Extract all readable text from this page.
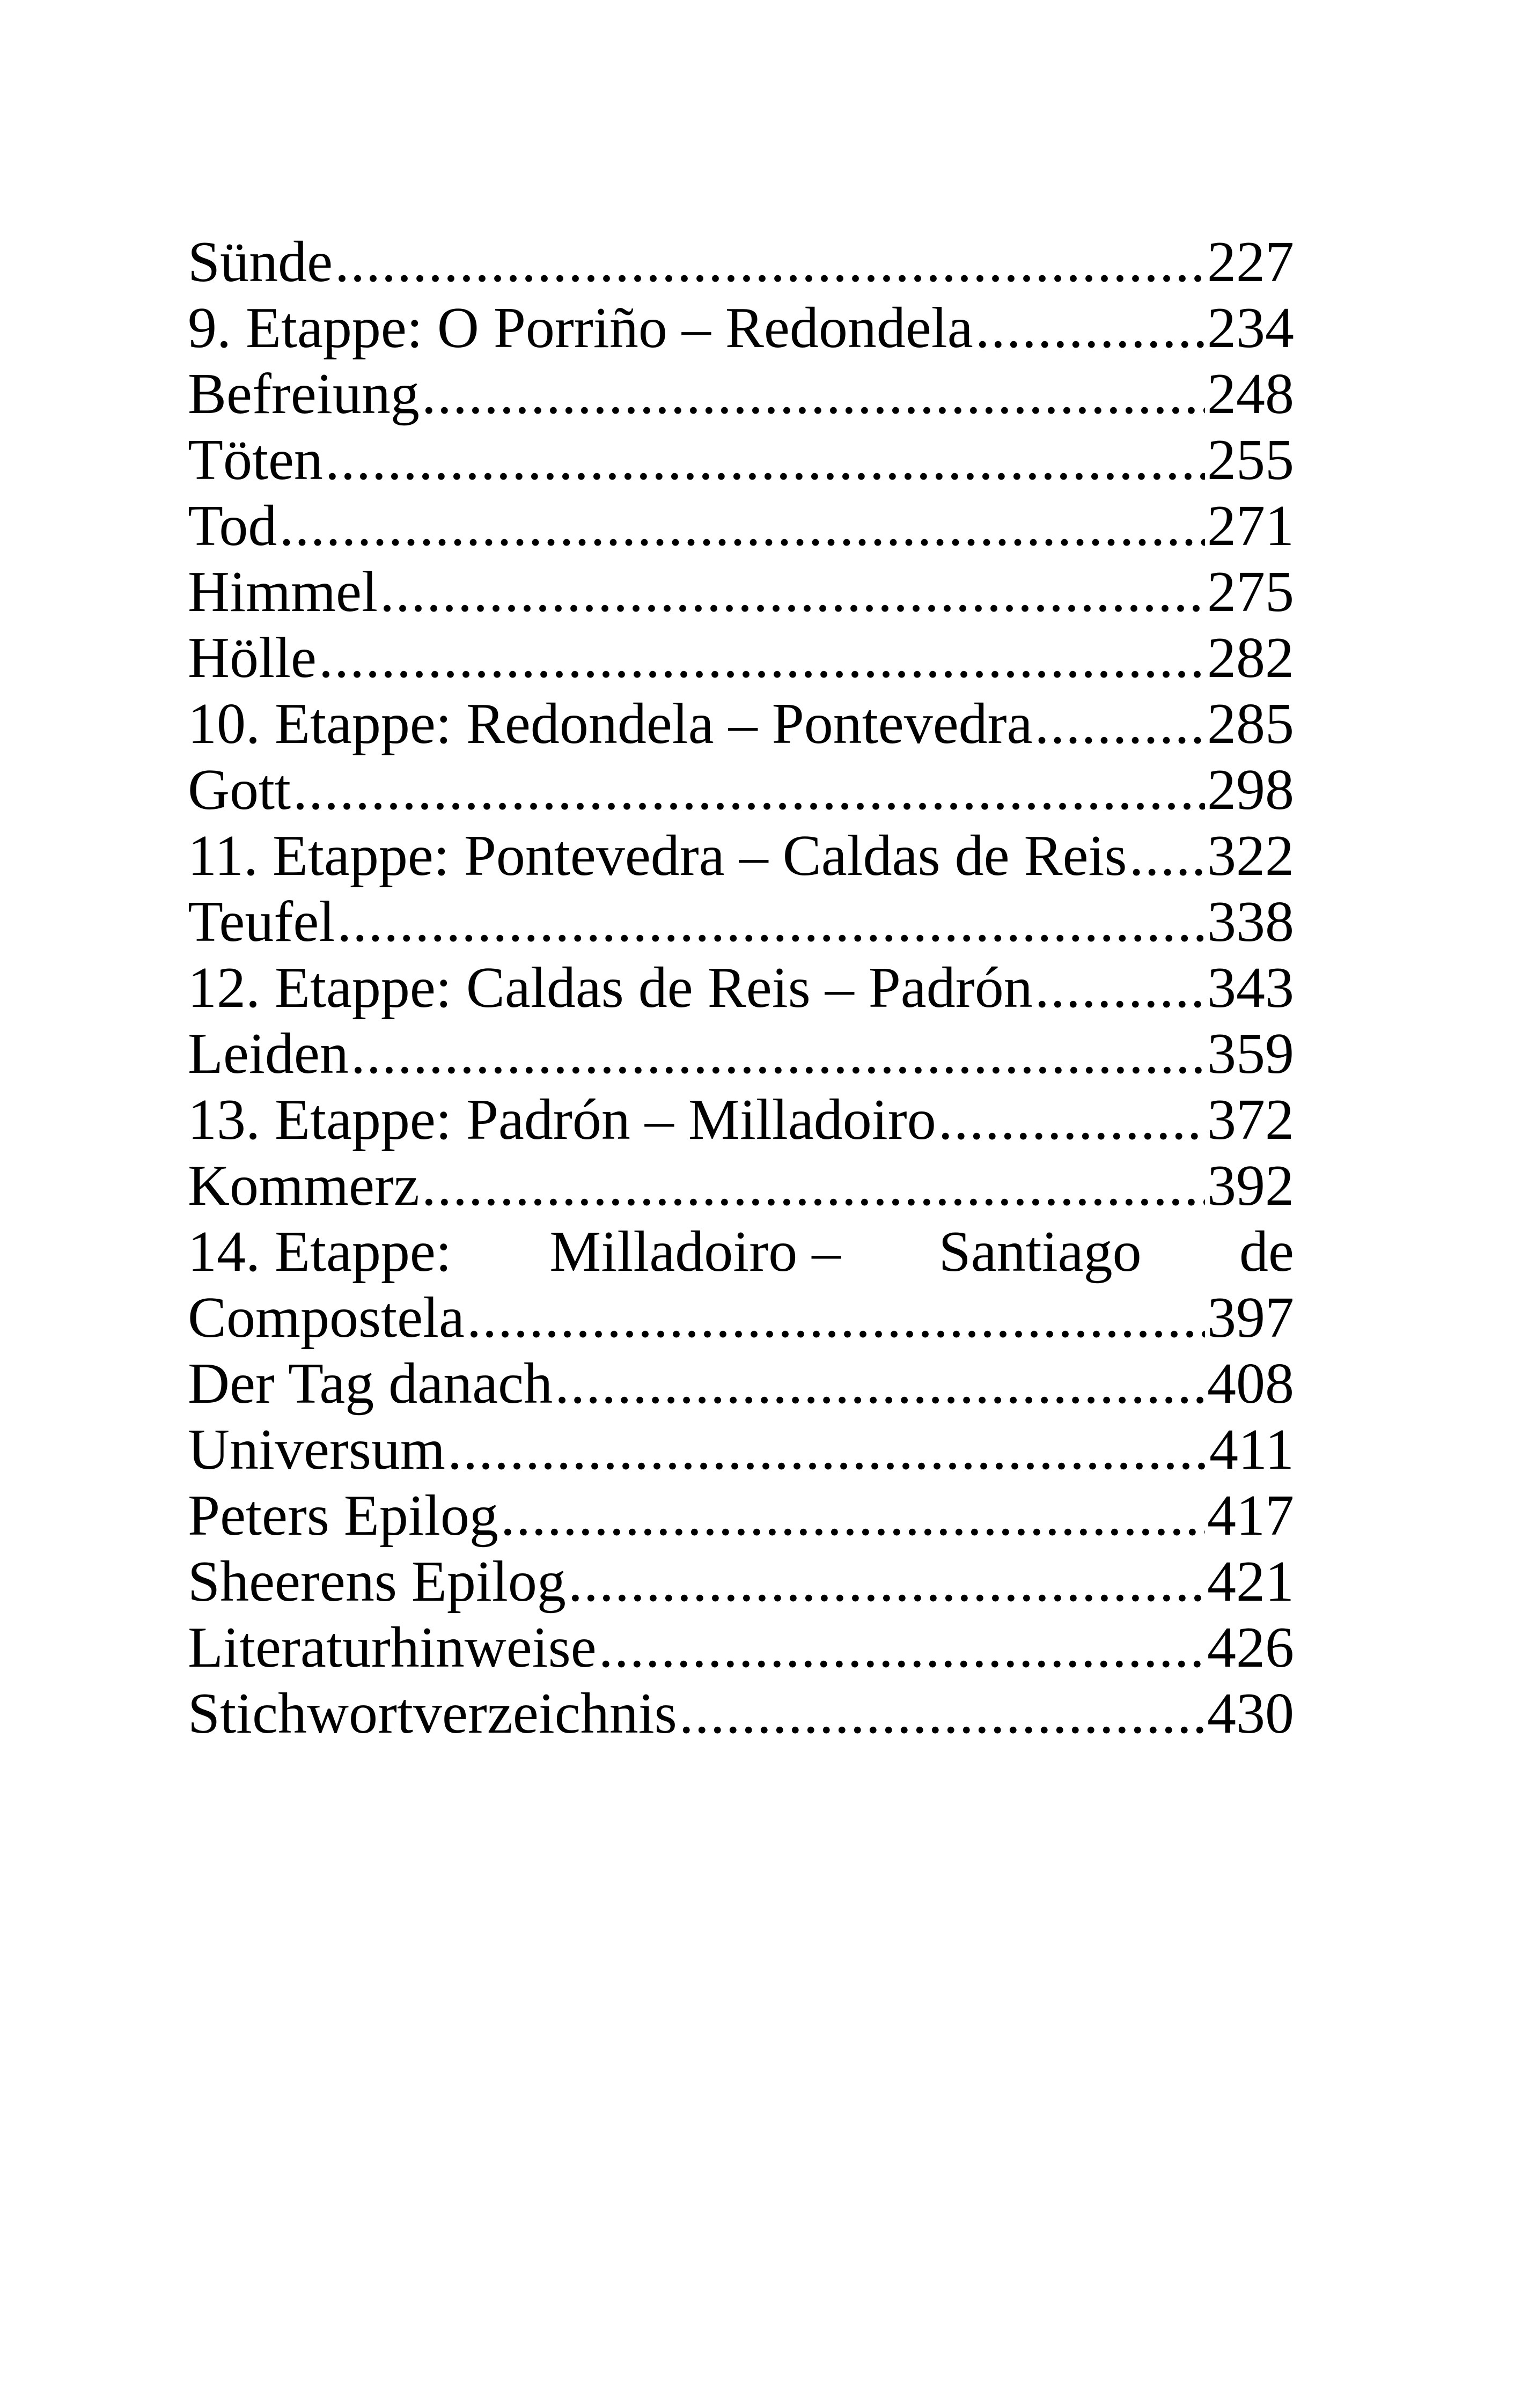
Sünde .....	227
9. Etappe: O Porriño – Redondela .....	234
Befreiung .....	248
Töten .....	255
Tod .....	271
Himmel .....	275
Hölle .....	282
10. Etappe: Redondela – Pontevedra .....	285
Gott .....	298
11. Etappe: Pontevedra – Caldas de Reis ..... 322
Teufel .....	338
12. Etappe: Caldas de Reis – Padrón .....	343
Leiden .....	359
13. Etappe: Padrón – Milladoiro .....	372
Kommerz .....	392
14. Etappe: Milladoiro – Santiago de
Compostela .....	397
Der Tag danach .....	408
Universum .....	411
Peters Epilog .....	417
Sheerens Epilog .....	421
Literaturhinweise .....	426
Stichwortverzeichnis .....	430
